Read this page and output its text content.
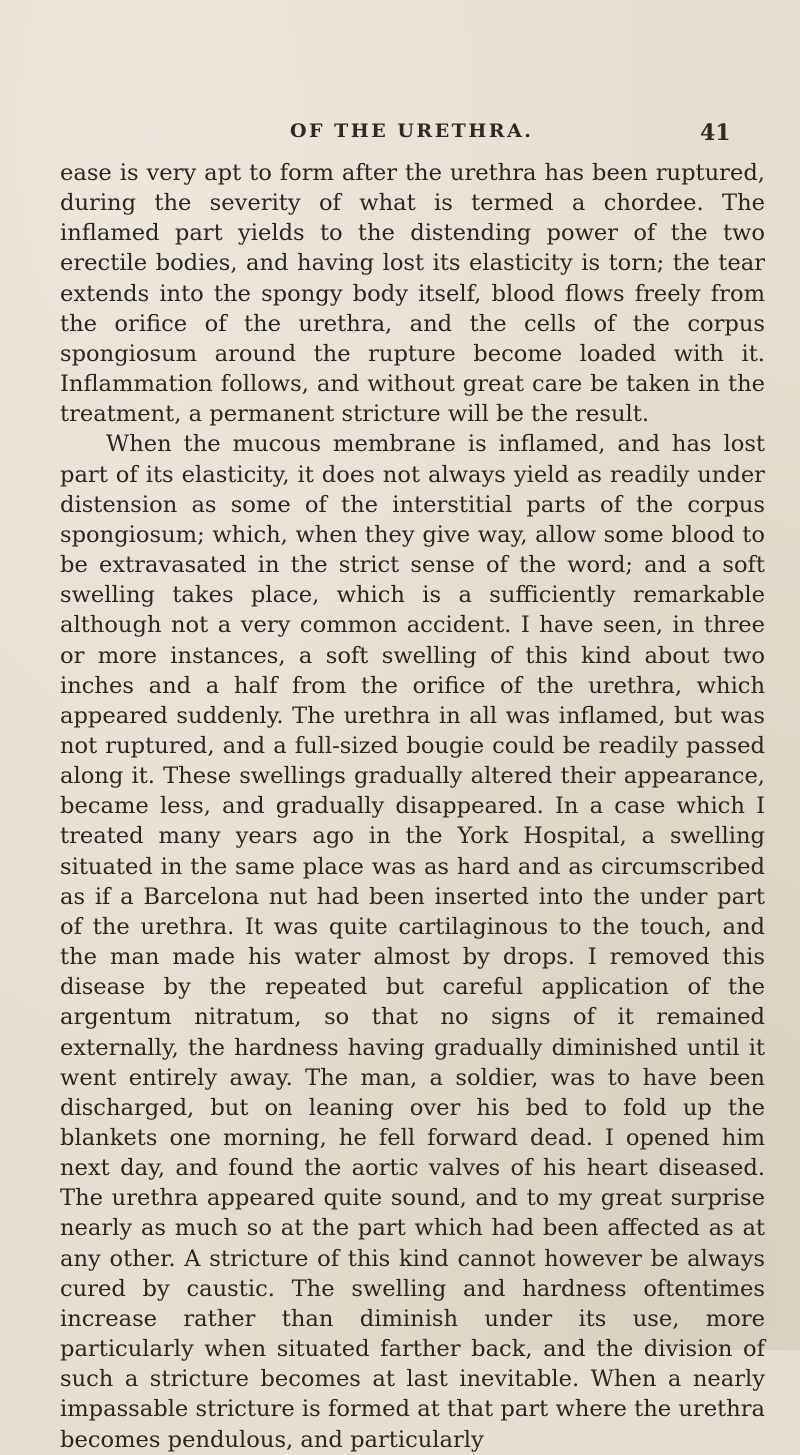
OF THE URETHRA.	41

ease is very apt to form after the urethra has been ruptured, during the severity of what is termed a chordee. The inflamed part yields to the distending power of the two erectile bodies, and having lost its elasticity is torn; the tear extends into the spongy body itself, blood flows freely from the orifice of the urethra, and the cells of the corpus spongiosum around the rupture become loaded with it. Inflammation follows, and without great care be taken in the treatment, a permanent stricture will be the result.

When the mucous membrane is inflamed, and has lost part of its elasticity, it does not always yield as readily under distension as some of the interstitial parts of the corpus spongiosum; which, when they give way, allow some blood to be extravasated in the strict sense of the word; and a soft swelling takes place, which is a sufficiently remarkable although not a very common accident. I have seen, in three or more instances, a soft swelling of this kind about two inches and a half from the orifice of the urethra, which appeared suddenly. The urethra in all was inflamed, but was not ruptured, and a full-sized bougie could be readily passed along it. These swellings gradually altered their appearance, became less, and gradually disappeared. In a case which I treated many years ago in the York Hospital, a swelling situated in the same place was as hard and as circumscribed as if a Barcelona nut had been inserted into the under part of the urethra. It was quite cartilaginous to the touch, and the man made his water almost by drops. I removed this disease by the repeated but careful application of the argentum nitratum, so that no signs of it remained externally, the hardness having gradually diminished until it went entirely away. The man, a soldier, was to have been discharged, but on leaning over his bed to fold up the blankets one morning, he fell forward dead. I opened him next day, and found the aortic valves of his heart diseased. The urethra appeared quite sound, and to my great surprise nearly as much so at the part which had been affected as at any other. A stricture of this kind cannot however be always cured by caustic. The swelling and hardness oftentimes increase rather than diminish under its use, more particularly when situated farther back, and the division of such a stricture becomes at last inevitable. When a nearly impassable stricture is formed at that part where the urethra becomes pendulous, and particularly
